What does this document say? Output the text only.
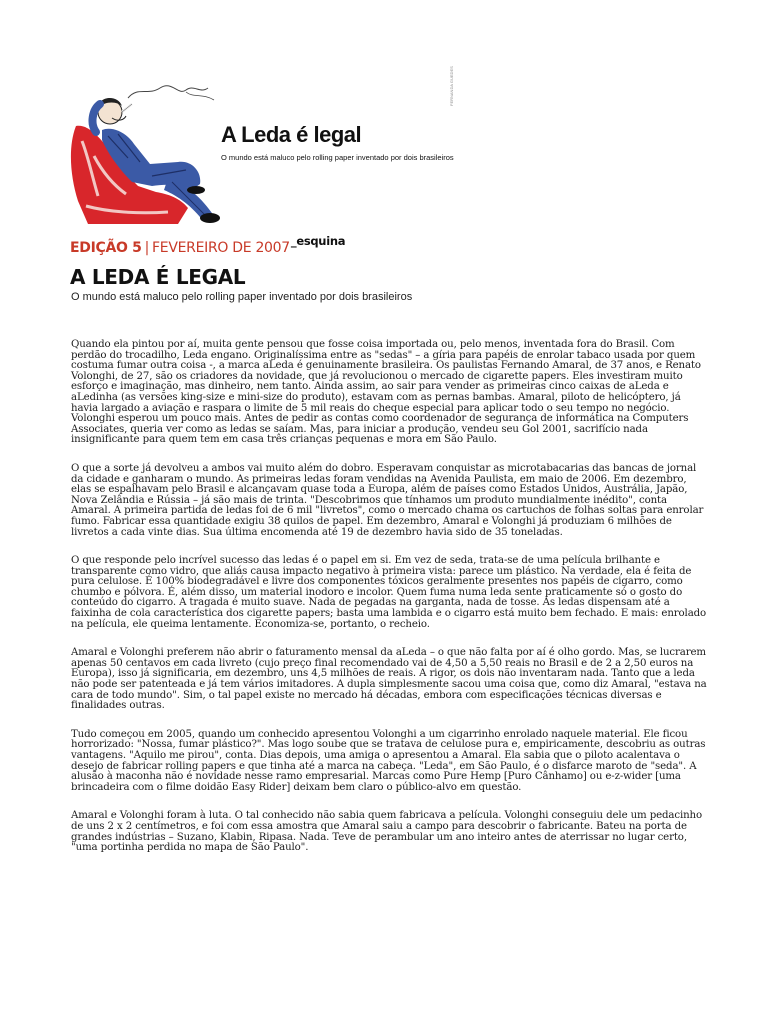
FERNANDA GUEDES
A Leda é legal
O mundo está maluco pelo rolling paper inventado por dois brasileiros
EDIÇÃO 5 | FEVEREIRO DE $2007^{\_esquina}$
A LEDA É LEGAL
O mundo está maluco pelo rolling paper inventado por dois brasileiros

Quando ela pintou por aí, muita gente pensou que fosse coisa importada ou, pelo menos, inventada fora do Brasil. Com perdão do trocadilho, Leda engano. Originalíssima entre as "sedas" – a gíria para papéis de enrolar tabaco usada por quem costuma fumar outra coisa -, a marca aLeda é genuinamente brasileira. Os paulistas Fernando Amaral, de 37 anos, e Renato Volonghi, de 27, são os criadores da novidade, que já revolucionou o mercado de cigarette papers. Eles investiram muito esforço e imaginação, mas dinheiro, nem tanto. Ainda assim, ao sair para vender as primeiras cinco caixas de aLeda e aLedinha (as versões king-size e mini-size do produto), estavam com as pernas bambas. Amaral, piloto de helicóptero, já havia largado a aviação e raspara o limite de 5 mil reais do cheque especial para aplicar todo o seu tempo no negócio. Volonghi esperou um pouco mais. Antes de pedir as contas como coordenador de segurança de informática na Computers Associates, queria ver como as ledas se saíam. Mas, para iniciar a produção, vendeu seu Gol 2001, sacrifício nada insignificante para quem tem em casa três crianças pequenas e mora em São Paulo.

O que a sorte já devolveu a ambos vai muito além do dobro. Esperavam conquistar as microtabacarias das bancas de jornal da cidade e ganharam o mundo. As primeiras ledas foram vendidas na Avenida Paulista, em maio de 2006. Em dezembro, elas se espalhavam pelo Brasil e alcançavam quase toda a Europa, além de países como Estados Unidos, Austrália, Japão, Nova Zelândia e Rússia – já são mais de trinta. "Descobrimos que tínhamos um produto mundialmente inédito", conta Amaral. A primeira partida de ledas foi de 6 mil "livretos", como o mercado chama os cartuchos de folhas soltas para enrolar fumo. Fabricar essa quantidade exigiu 38 quilos de papel. Em dezembro, Amaral e Volonghi já produziam 6 milhões de livretos a cada vinte dias. Sua última encomenda até 19 de dezembro havia sido de 35 toneladas.

O que responde pelo incrível sucesso das ledas é o papel em si. Em vez de seda, trata-se de uma película brilhante e transparente como vidro, que aliás causa impacto negativo à primeira vista: parece um plástico. Na verdade, ela é feita de pura celulose. É 100% biodegradável e livre dos componentes tóxicos geralmente presentes nos papéis de cigarro, como chumbo e pólvora. É, além disso, um material inodoro e incolor. Quem fuma numa leda sente praticamente só o gosto do conteúdo do cigarro. A tragada é muito suave. Nada de pegadas na garganta, nada de tosse. As ledas dispensam até a faixinha de cola característica dos cigarette papers; basta uma lambida e o cigarro está muito bem fechado. E mais: enrolado na película, ele queima lentamente. Economiza-se, portanto, o recheio.

Amaral e Volonghi preferem não abrir o faturamento mensal da aLeda – o que não falta por aí é olho gordo. Mas, se lucrarem apenas 50 centavos em cada livreto (cujo preço final recomendado vai de 4,50 a 5,50 reais no Brasil e de 2 a 2,50 euros na Europa), isso já significaria, em dezembro, uns 4,5 milhões de reais. A rigor, os dois não inventaram nada. Tanto que a leda não pode ser patenteada e já tem vários imitadores. A dupla simplesmente sacou uma coisa que, como diz Amaral, "estava na cara de todo mundo". Sim, o tal papel existe no mercado há décadas, embora com especificações técnicas diversas e finalidades outras.

Tudo começou em 2005, quando um conhecido apresentou Volonghi a um cigarrinho enrolado naquele material. Ele ficou horrorizado: "Nossa, fumar plástico?". Mas logo soube que se tratava de celulose pura e, empiricamente, descobriu as outras vantagens. "Aquilo me pirou", conta. Dias depois, uma amiga o apresentou a Amaral. Ela sabia que o piloto acalentava o desejo de fabricar rolling papers e que tinha até a marca na cabeça. "Leda", em São Paulo, é o disfarce maroto de "seda". A alusão à maconha não é novidade nesse ramo empresarial. Marcas como Pure Hemp [Puro Cânhamo] ou e-z-wider [uma brincadeira com o filme doidão Easy Rider] deixam bem claro o público-alvo em questão.

Amaral e Volonghi foram à luta. O tal conhecido não sabia quem fabricava a película. Volonghi conseguiu dele um pedacinho de uns 2 x 2 centímetros, e foi com essa amostra que Amaral saiu a campo para descobrir o fabricante. Bateu na porta de grandes indústrias – Suzano, Klabin, Ripasa. Nada. Teve de perambular um ano inteiro antes de aterrissar no lugar certo, "uma portinha perdida no mapa de São Paulo".
